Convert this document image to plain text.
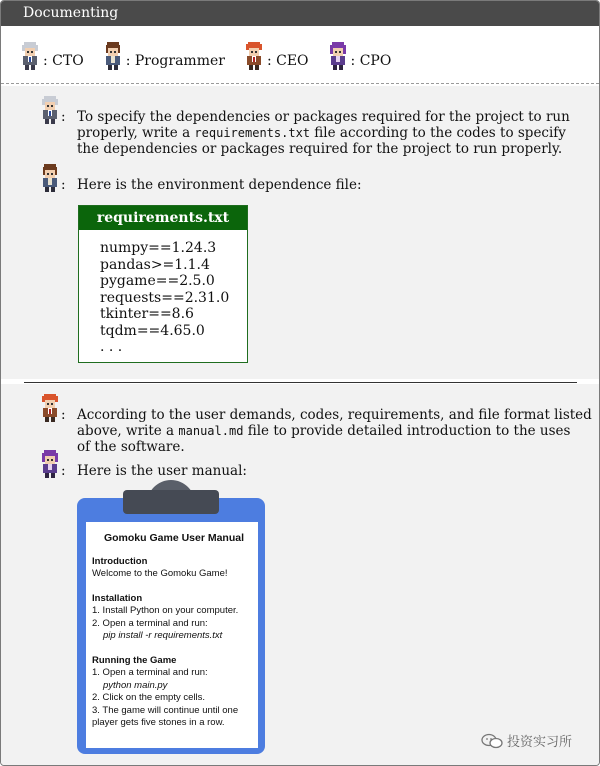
Documenting
: CTO	: Programmer	: CEO	: CPO
: To specify the dependencies or packages required for the project to run
properly, write a requirements.txt file according to the codes to specify
the dependencies or packages required for the project to run properly.
: Here is the environment dependence file:
requirements.txt
numpy==1.24.3
pandas>=1.1.4
pygame==2.5.0
requests==2.31.0
tkinter==8.6
tqdm==4.65.0
. . .
: According to the user demands, codes, requirements, and file format listed
above, write a manual.md file to provide detailed introduction to the uses
of the software.
: Here is the user manual:
Gomoku Game User Manual
Introduction
Welcome to the Gomoku Game!
Installation
1. Install Python on your computer.
2. Open a terminal and run:
pip install -r requirements.txt
Running the Game
1. Open a terminal and run:
python main.py
2. Click on the empty cells.
3. The game will continue until one
player gets five stones in a row.
投资实习所
